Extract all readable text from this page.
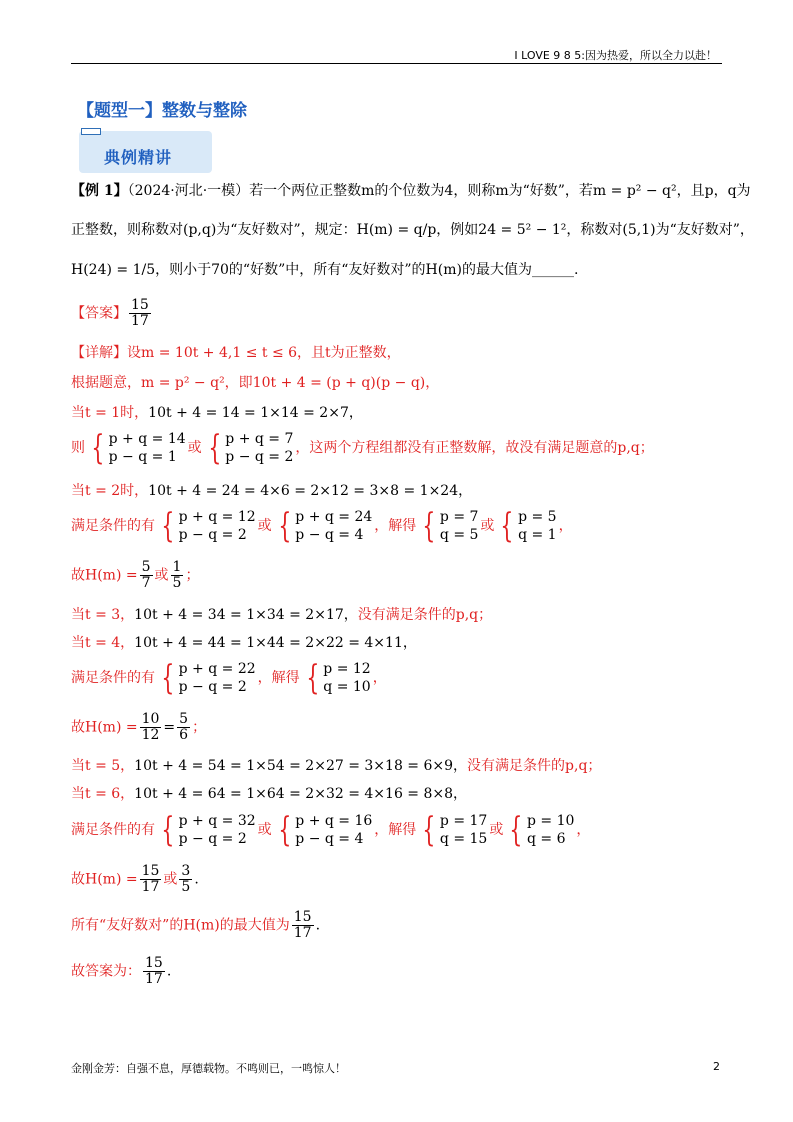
I LOVE 9 8 5:因为热爱，所以全力以赴！
【题型一】整数与整除
典例精讲
【例 1】（2024·河北·一模）若一个两位正整数m的个位数为4，则称m为“好数”，若m = p² − q²，且p，q为
正整数，则称数对(p,q)为“友好数对”，规定：H(m) = q/p，例如24 = 5² − 1²，称数对(5,1)为“友好数对”，
H(24) = 1/5，则小于70的“好数”中，所有“友好数对”的H(m)的最大值为______.
【答案】 $\frac{15}{17}$
【详解】设m = 10t + 4,1 ≤ t ≤ 6，且t为正整数，
根据题意，m = p² − q²，即10t + 4 = (p + q)(p − q)，
当t = 1时，10t + 4 = 14 = 1×14 = 2×7，
则 { p + q = 14
p − q = 1
或 { p + q = 7
p − q = 2
，这两个方程组都没有正整数解，故没有满足题意的p,q；
当t = 2时，10t + 4 = 24 = 4×6 = 2×12 = 3×8 = 1×24，
满足条件的有 { p + q = 12
p − q = 2
或 { p + q = 24
p − q = 4
，解得 { p = 7
q = 5
或 { p = 5
q = 1
，
故$H(m) = \frac{5}{7}$ 或 $\frac{1}{5}$ ；
当t = 3，10t + 4 = 34 = 1×34 = 2×17，没有满足条件的p,q；
当t = 4，10t + 4 = 44 = 1×44 = 2×22 = 4×11，
满足条件的有 { p + q = 22
p − q = 2
，解得 { p = 12
q = 10
，
故$H(m) = \frac{10}{12} = \frac{5}{6}$ ；
当t = 5，10t + 4 = 54 = 1×54 = 2×27 = 3×18 = 6×9，没有满足条件的p,q；
当t = 6，10t + 4 = 64 = 1×64 = 2×32 = 4×16 = 8×8，
满足条件的有 { p + q = 32
p − q = 2
或 { p + q = 16
p − q = 4
，解得 { p = 17
q = 15
或 { p = 10
q = 6
，
故$H(m) = \frac{15}{17}$ 或 $\frac{3}{5}$ .
所有“友好数对”的H(m)的最大值为 $\frac{15}{17}$ .
故答案为： $\frac{15}{17}$ .
金刚金芳：自强不息，厚德载物。不鸣则已，一鸣惊人！	2
